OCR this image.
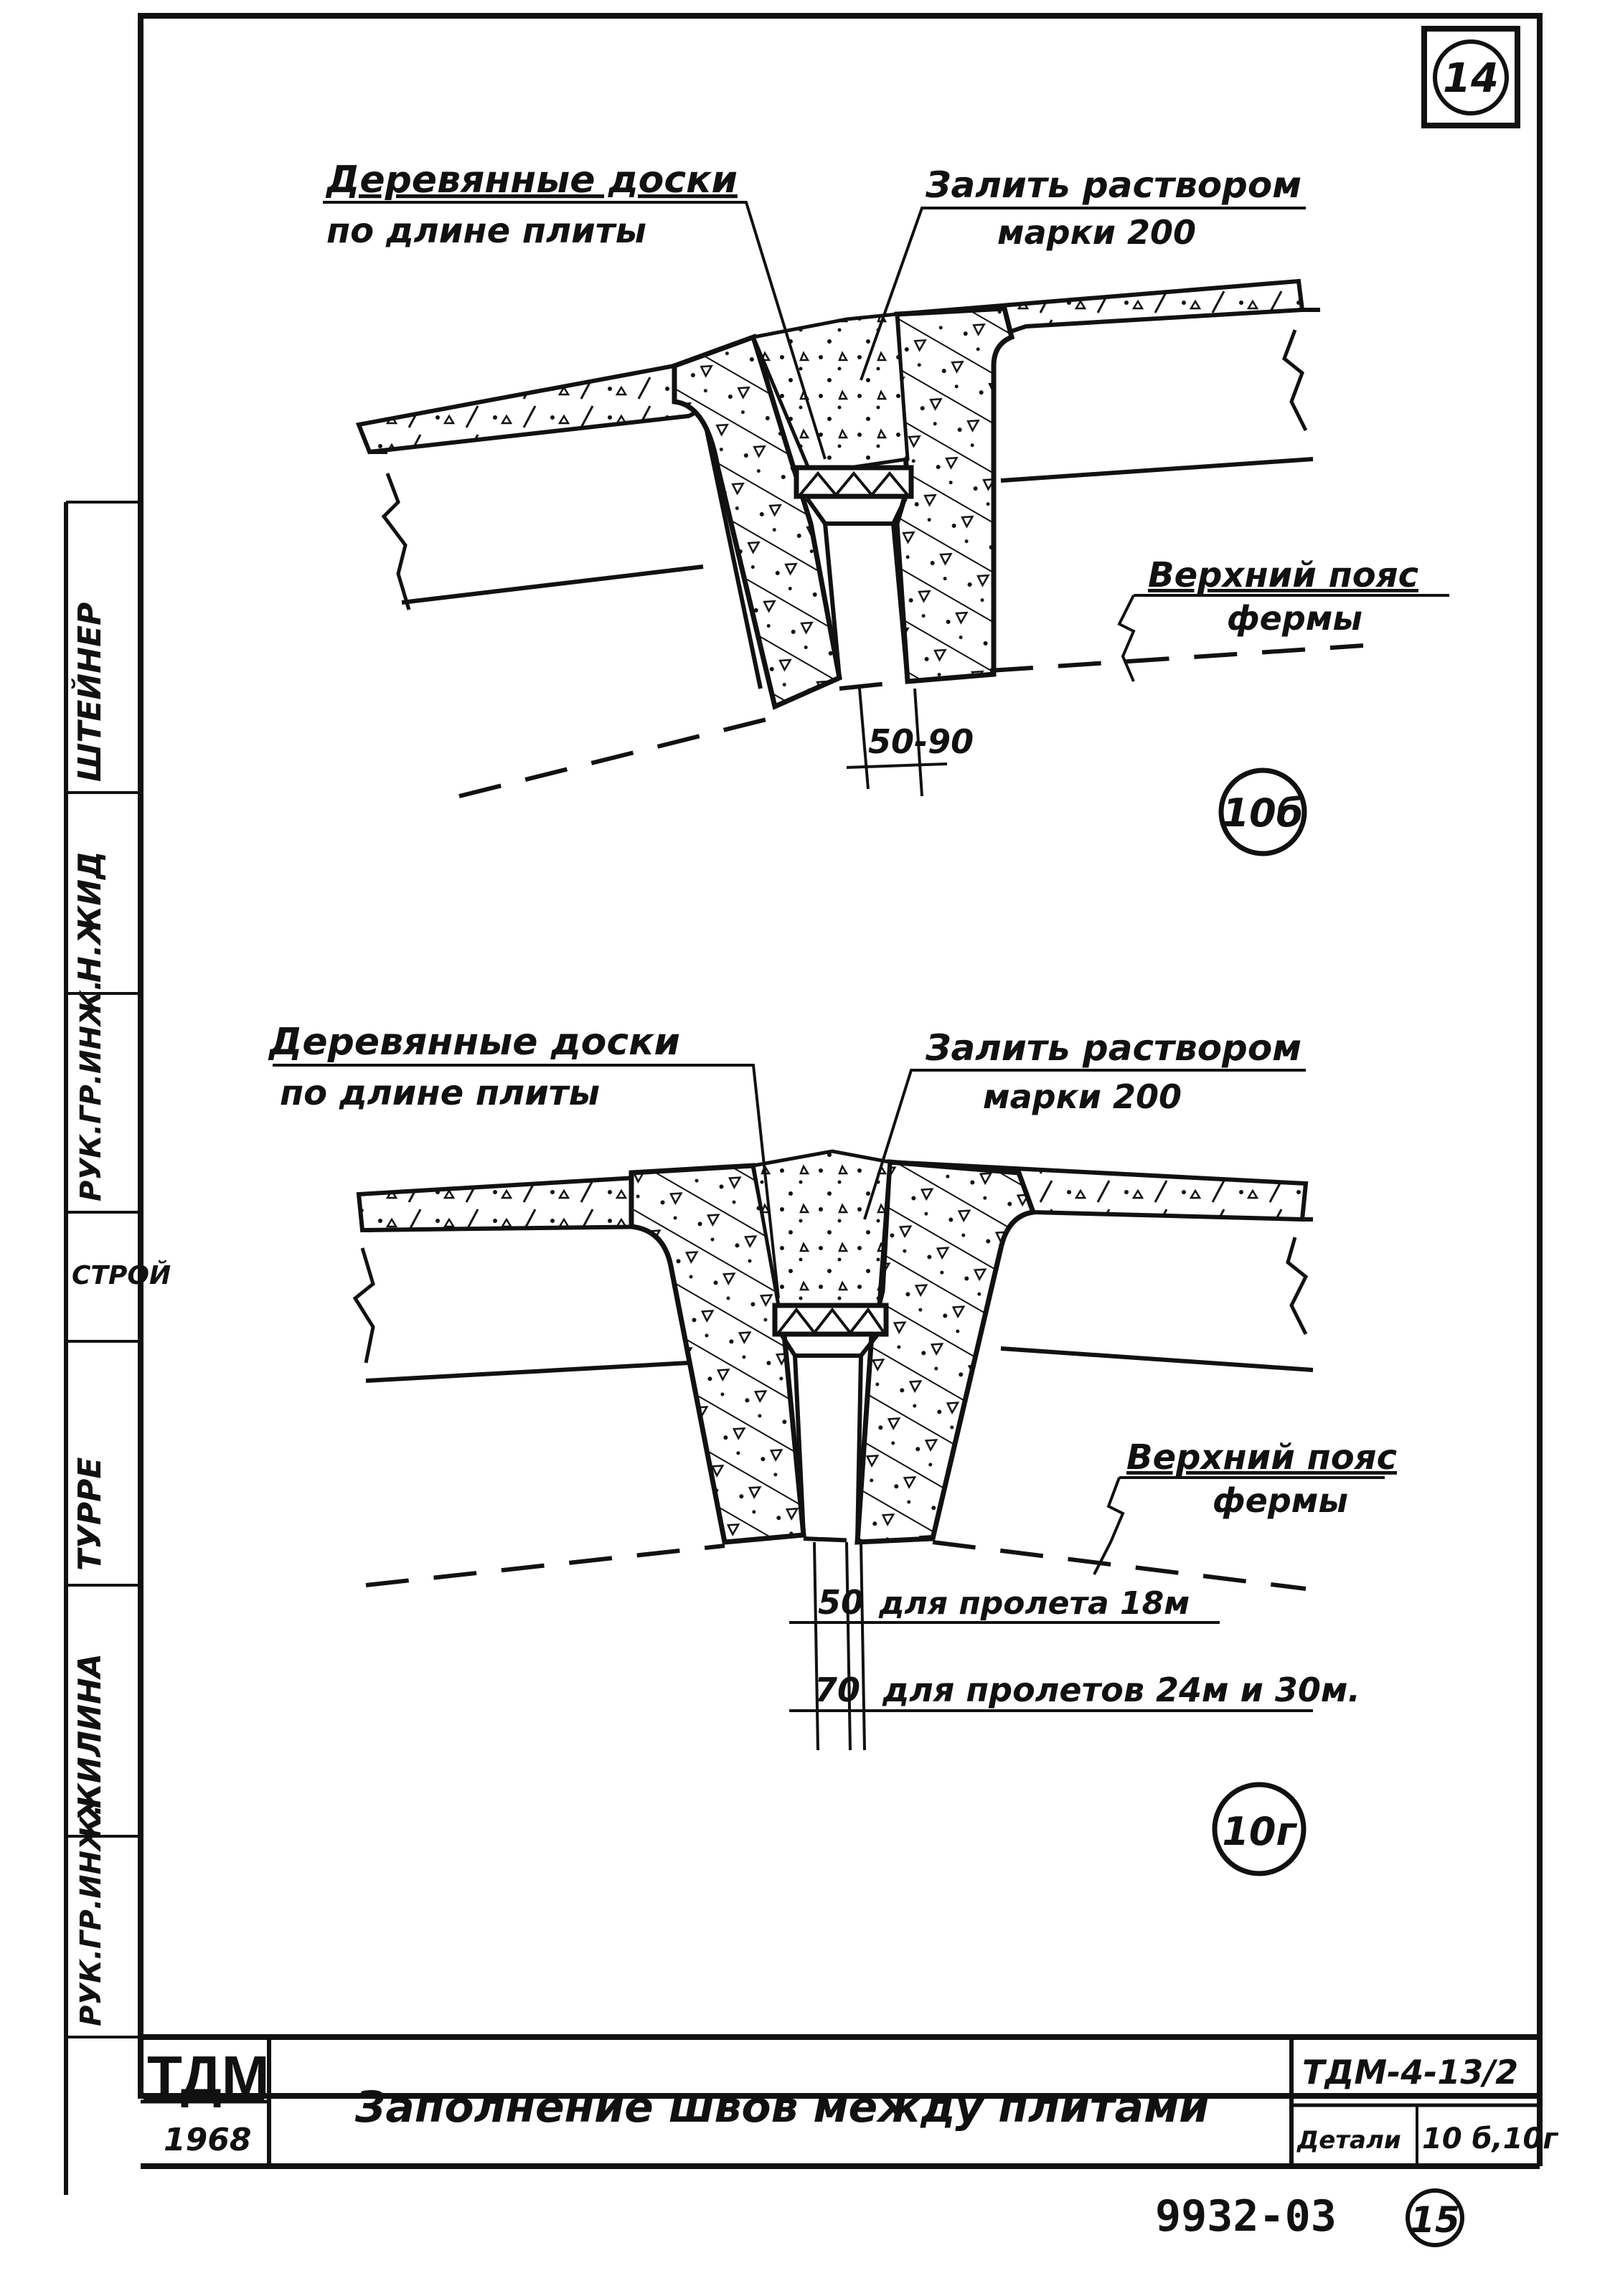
14
ШТЕЙНЕР
Н.ЖИД
РУК.ГР.ИНЖ.
СТРОЙ
ТУРРЕ
ЖИЛИНА
РУК.ГР.ИНЖ.
50-90
Деревянные доски
по длине плиты
Залить раствором
марки 200
Верхний пояс
фермы
10б
50 для пролета 18м
70 для пролетов 24м и 30м.
Деревянные доски
по длине плиты
Залить раствором
марки 200
Верхний пояс
фермы
10г
ТДМ
1968
Заполнение швов между плитами
ТДМ-4-13/2
Детали 10 б,10г
9932-03 15
